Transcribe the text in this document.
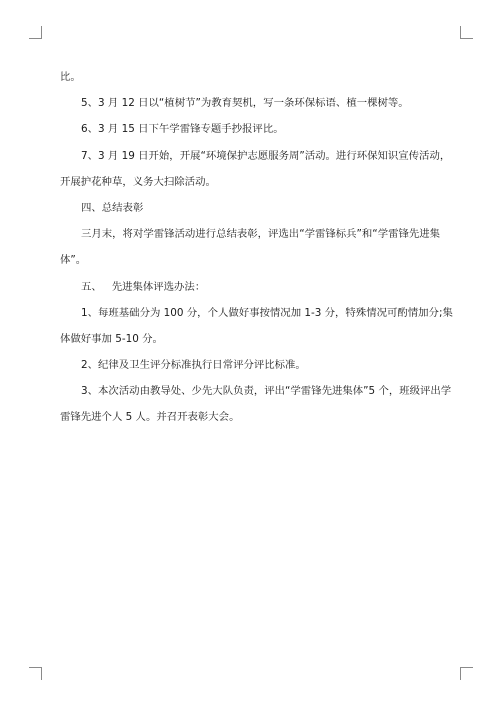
比。

5、3 月 12 日以“植树节”为教育契机，写一条环保标语、植一棵树等。

6、3 月 15 日下午学雷锋专题手抄报评比。

7、3 月 19 日开始，开展“环境保护志愿服务周”活动。进行环保知识宣传活动，

开展护花种草，义务大扫除活动。

四、总结表彰

三月末，将对学雷锋活动进行总结表彰，评选出“学雷锋标兵”和“学雷锋先进集

体”。

五、   先进集体评选办法：

1、每班基础分为 100 分，个人做好事按情况加 1-3 分，特殊情况可酌情加分;集

体做好事加 5-10 分。

2、纪律及卫生评分标准执行日常评分评比标准。

3、本次活动由教导处、少先大队负责，评出“学雷锋先进集体”5 个，班级评出学

雷锋先进个人 5 人。并召开表彰大会。
